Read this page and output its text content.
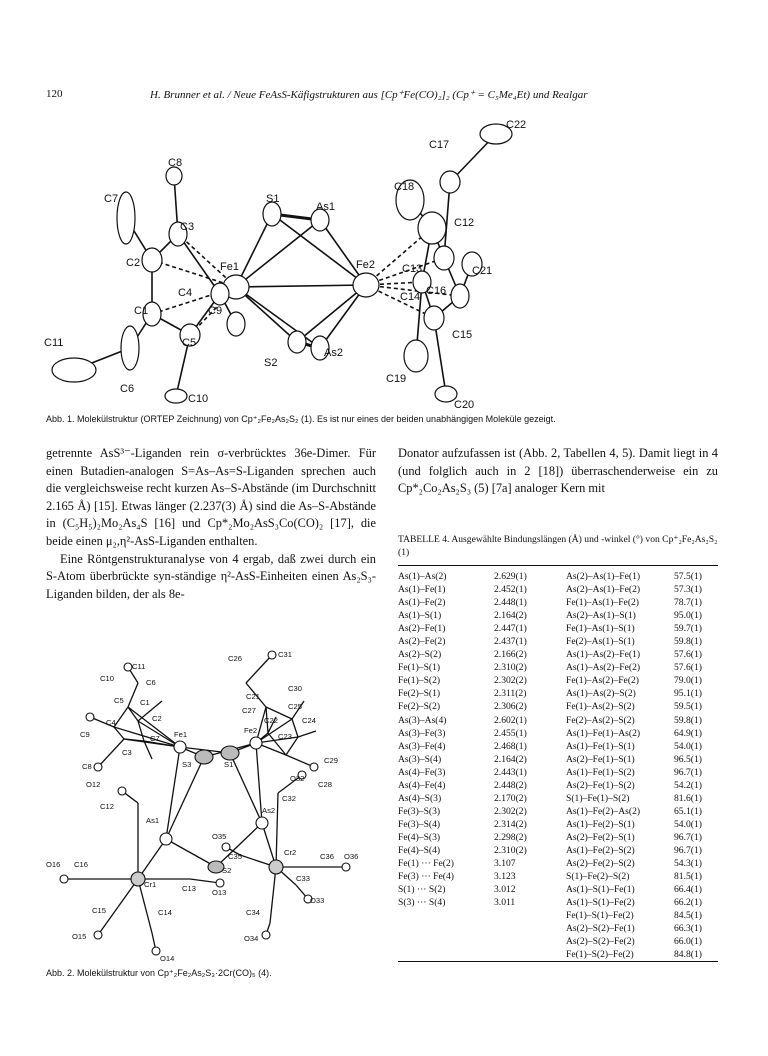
120	H. Brunner et al. / Neue FeAsS-Käfigstrukturen aus [Cp⁺Fe(CO)₂]₂ (Cp⁺ = C₅Me₄Et) und Realgar
C22
C17
C8
C18
C7	S1
As1
C12
C3
C2	Fe1	Fe2 C13	C21
C4	C16
C14
C1	C9
C15
C11	C5
S2
As2
C19
C6
C10	C20
Abb. 1. Molekülstruktur (ORTEP Zeichnung) von Cp⁺₂Fe₂As₂S₂ (1). Es ist nur eines der beiden unabhängigen Moleküle gezeigt.

getrennte AsS³⁻-Liganden rein σ-verbrücktes 36e-Dimer. Für einen Butadien-analogen S=As–As=S-Liganden sprechen auch die vergleichsweise recht kurzen As–S-Abstände (im Durchschnitt 2.165 Å) [15]. Etwas länger (2.237(3) Å) sind die As–S-Abstände in (C₅H₅)₂Mo₂As₄S [16] und Cp*₂Mo₂AsS₃Co(CO)₂ [17], die beide einen μ₂,η²-AsS-Liganden enthalten.

Eine Röntgenstrukturanalyse von 4 ergab, daß zwei durch ein S-Atom überbrückte syn-ständige η²-AsS-Einheiten einen As₂S₃-Liganden bilden, der als 8e-

Donator aufzufassen ist (Abb. 2, Tabellen 4, 5). Damit liegt in 4 (und folglich auch in 2 [18]) überraschenderweise ein zu Cp*₂Co₂As₂S₃ (5) [7a] analoger Kern mit

C31
C11
C26
C10	C6
C30
C21
C5 C1	C25
C27
C4	C2	C24
C22
C9	C7 Fe1	Fe2
C23
C3
C29
S3	S1
C8
O32
O12	C28
C32
As1
As2
C12
O35
C35
S2
O16 C16
Cr1
Cr2	C36 O36
C13 O13
C33
C15	C14	C34
O33
O15
O14
O34
Abb. 2. Molekülstruktur von Cp⁺₂Fe₂As₂S₃·2Cr(CO)₅ (4).
TABELLE 4. Ausgewählte Bindungslängen (Å) und -winkel (°) von Cp⁺₂Fe₂As₂S₂ (1)
As(1)–As(2)	2.629(1)	As(2)–As(1)–Fe(1)	57.5(1)
As(1)–Fe(1)	2.452(1)	As(2)–As(1)–Fe(2)	57.3(1)
As(1)–Fe(2)	2.448(1)	Fe(1)–As(1)–Fe(2)	78.7(1)
As(1)–S(1)	2.164(2)	As(2)–As(1)–S(1)	95.0(1)
As(2)–Fe(1)	2.447(1)	Fe(1)–As(1)–S(1)	59.7(1)
As(2)–Fe(2)	2.437(1)	Fe(2)–As(1)–S(1)	59.8(1)
As(2)–S(2)	2.166(2)	As(1)–As(2)–Fe(1)	57.6(1)
Fe(1)–S(1)	2.310(2)	As(1)–As(2)–Fe(2)	57.6(1)
Fe(1)–S(2)	2.302(2)	Fe(1)–As(2)–Fe(2)	79.0(1)
Fe(2)–S(1)	2.311(2)	As(1)–As(2)–S(2)	95.1(1)
Fe(2)–S(2)	2.306(2)	Fe(1)–As(2)–S(2)	59.5(1)
As(3)–As(4)	2.602(1)	Fe(2)–As(2)–S(2)	59.8(1)
As(3)–Fe(3)	2.455(1)	As(1)–Fe(1)–As(2)	64.9(1)
As(3)–Fe(4)	2.468(1)	As(1)–Fe(1)–S(1)	54.0(1)
As(3)–S(4)	2.164(2)	As(2)–Fe(1)–S(1)	96.5(1)
As(4)–Fe(3)	2.443(1)	As(1)–Fe(1)–S(2)	96.7(1)
As(4)–Fe(4)	2.448(2)	As(2)–Fe(1)–S(2)	54.2(1)
As(4)–S(3)	2.170(2)	S(1)–Fe(1)–S(2)	81.6(1)
Fe(3)–S(3)	2.302(2)	As(1)–Fe(2)–As(2)	65.1(1)
Fe(3)–S(4)	2.314(2)	As(1)–Fe(2)–S(1)	54.0(1)
Fe(4)–S(3)	2.298(2)	As(2)–Fe(2)–S(1)	96.7(1)
Fe(4)–S(4)	2.310(2)	As(1)–Fe(2)–S(2)	96.7(1)
Fe(1) ··· Fe(2)	3.107	As(2)–Fe(2)–S(2)	54.3(1)
Fe(3) ··· Fe(4)	3.123	S(1)–Fe(2)–S(2)	81.5(1)
S(1) ··· S(2)	3.012	As(1)–S(1)–Fe(1)	66.4(1)
S(3) ··· S(4)	3.011	As(1)–S(1)–Fe(2)	66.2(1)
		Fe(1)–S(1)–Fe(2)	84.5(1)
		As(2)–S(2)–Fe(1)	66.3(1)
		As(2)–S(2)–Fe(2)	66.0(1)
		Fe(1)–S(2)–Fe(2)	84.8(1)
